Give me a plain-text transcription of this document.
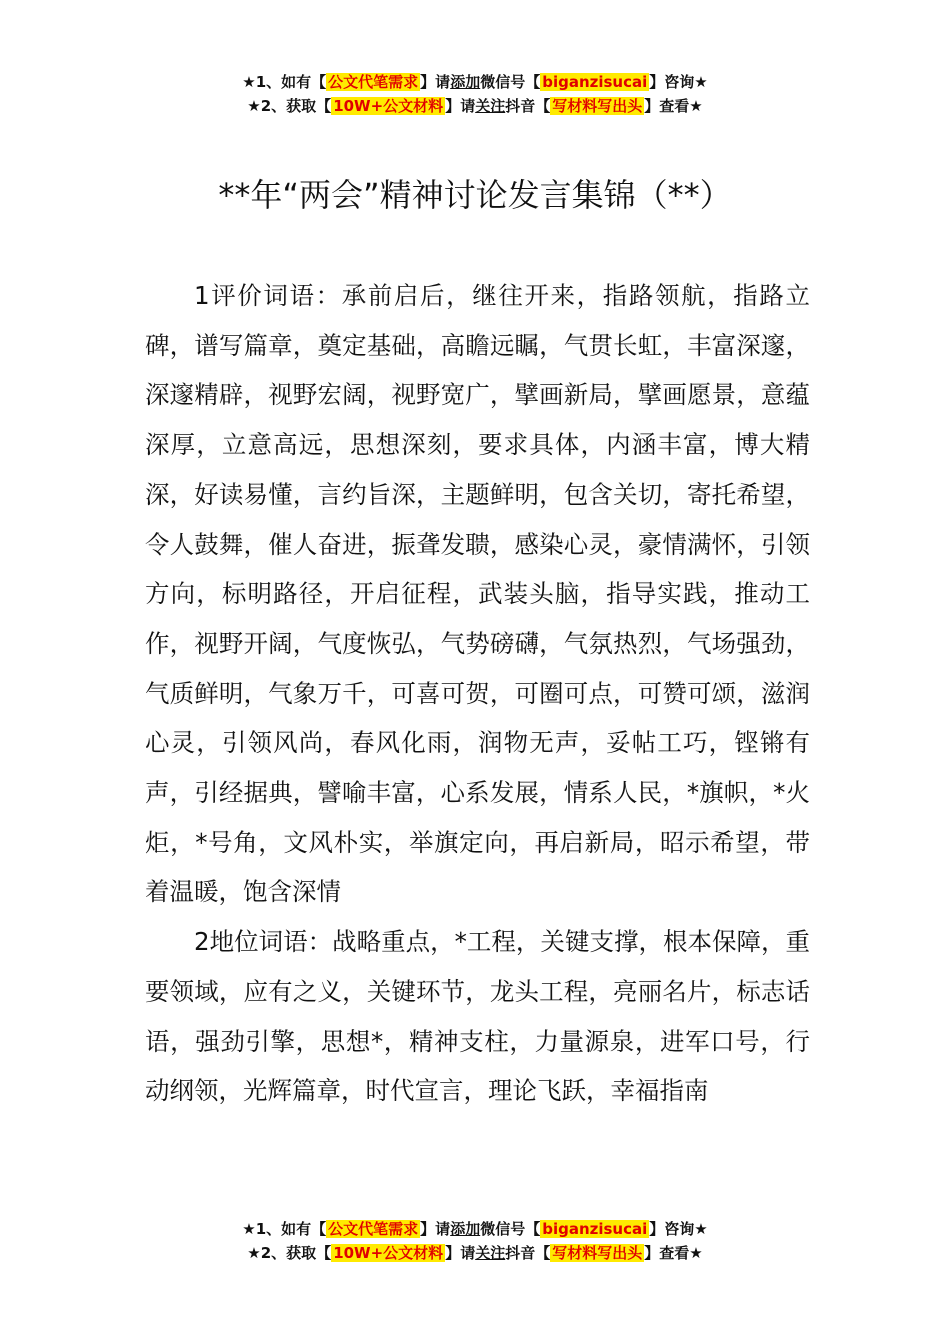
★1、如有【 公文代笔需求 】请添加微信号【 biganzisucai 】咨询★
★2、获取【 10W+公文材料 】请关注抖音【 写材料写出头 】查看★
**年“两会”精神讨论发言集锦（**）

1评价词语：承前启后，继往开来，指路领航，指路立碑，谱写篇章，奠定基础，高瞻远瞩，气贯长虹，丰富深邃，深邃精辟，视野宏阔，视野宽广，擘画新局，擘画愿景，意蕴深厚，立意高远，思想深刻，要求具体，内涵丰富，博大精深，好读易懂，言约旨深，主题鲜明，包含关切，寄托希望，令人鼓舞，催人奋进，振聋发聩，感染心灵，豪情满怀，引领方向，标明路径，开启征程，武装头脑，指导实践，推动工作，视野开阔，气度恢弘，气势磅礴，气氛热烈，气场强劲，气质鲜明，气象万千，可喜可贺，可圈可点，可赞可颂，滋润心灵，引领风尚，春风化雨，润物无声，妥帖工巧，铿锵有声，引经据典，譬喻丰富，心系发展，情系人民，*旗帜，*火炬，*号角，文风朴实，举旗定向，再启新局，昭示希望，带着温暖，饱含深情

2地位词语：战略重点，*工程，关键支撑，根本保障，重要领域，应有之义，关键环节，龙头工程，亮丽名片，标志话语，强劲引擎，思想*，精神支柱，力量源泉，进军口号，行动纲领，光辉篇章，时代宣言，理论飞跃，幸福指南

★1、如有【 公文代笔需求 】请添加微信号【 biganzisucai 】咨询★
★2、获取【 10W+公文材料 】请关注抖音【 写材料写出头 】查看★
